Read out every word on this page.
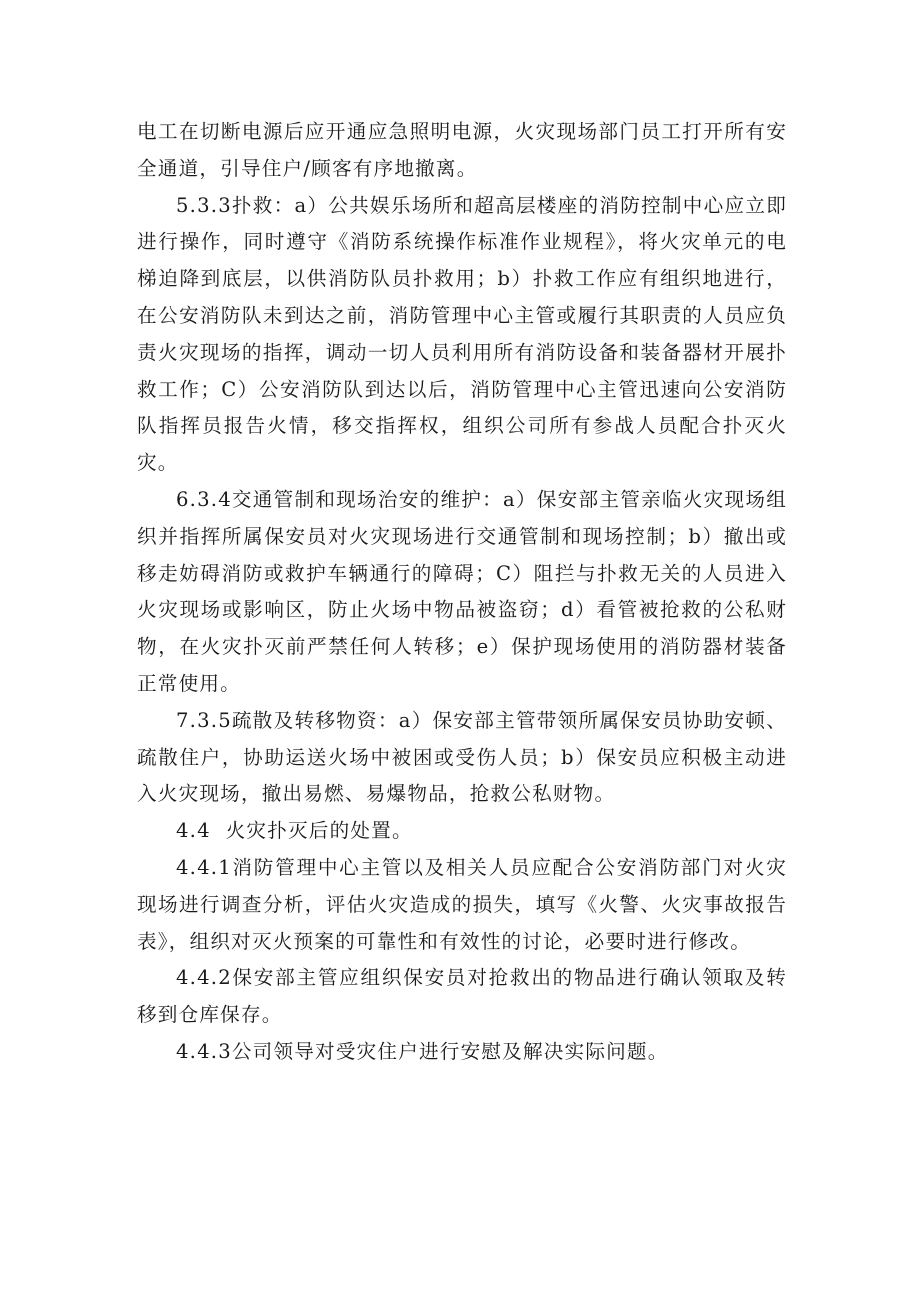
电工在切断电源后应开通应急照明电源，火灾现场部门员工打开所有安全通道，引导住户/顾客有序地撤离。

5.3.3扑救：a）公共娱乐场所和超高层楼座的消防控制中心应立即进行操作，同时遵守《消防系统操作标准作业规程》，将火灾单元的电梯迫降到底层，以供消防队员扑救用；b）扑救工作应有组织地进行，在公安消防队未到达之前，消防管理中心主管或履行其职责的人员应负责火灾现场的指挥，调动一切人员利用所有消防设备和装备器材开展扑救工作；C）公安消防队到达以后，消防管理中心主管迅速向公安消防队指挥员报告火情，移交指挥权，组织公司所有参战人员配合扑灭火灾。

6.3.4交通管制和现场治安的维护：a）保安部主管亲临火灾现场组织并指挥所属保安员对火灾现场进行交通管制和现场控制；b）撤出或移走妨碍消防或救护车辆通行的障碍；C）阻拦与扑救无关的人员进入火灾现场或影响区，防止火场中物品被盗窃；d）看管被抢救的公私财物，在火灾扑灭前严禁任何人转移；e）保护现场使用的消防器材装备正常使用。

7.3.5疏散及转移物资：a）保安部主管带领所属保安员协助安顿、疏散住户，协助运送火场中被困或受伤人员；b）保安员应积极主动进入火灾现场，撤出易燃、易爆物品，抢救公私财物。

4.4  火灾扑灭后的处置。

4.4.1消防管理中心主管以及相关人员应配合公安消防部门对火灾现场进行调查分析，评估火灾造成的损失，填写《火警、火灾事故报告表》，组织对灭火预案的可靠性和有效性的讨论，必要时进行修改。

4.4.2保安部主管应组织保安员对抢救出的物品进行确认领取及转移到仓库保存。

4.4.3公司领导对受灾住户进行安慰及解决实际问题。
